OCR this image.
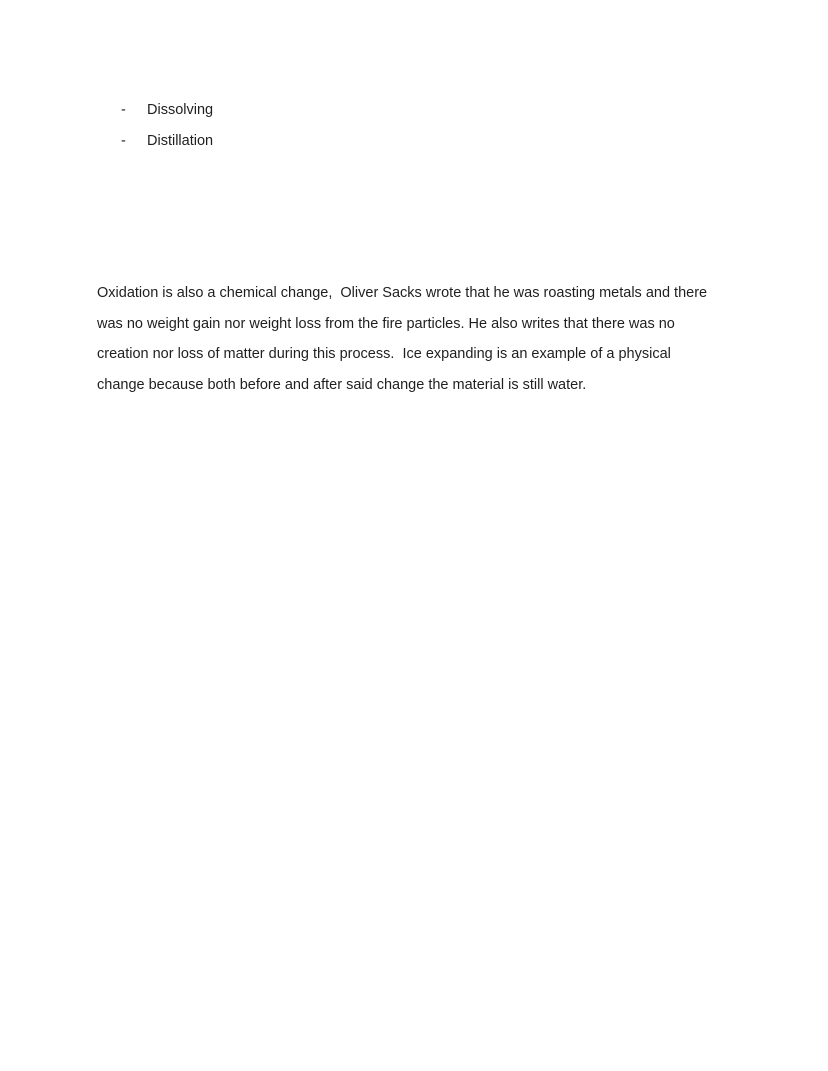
-	Dissolving
-	Distillation
Oxidation is also a chemical change,  Oliver Sacks wrote that he was roasting metals and there
was no weight gain nor weight loss from the fire particles. He also writes that there was no
creation nor loss of matter during this process.  Ice expanding is an example of a physical
change because both before and after said change the material is still water.
